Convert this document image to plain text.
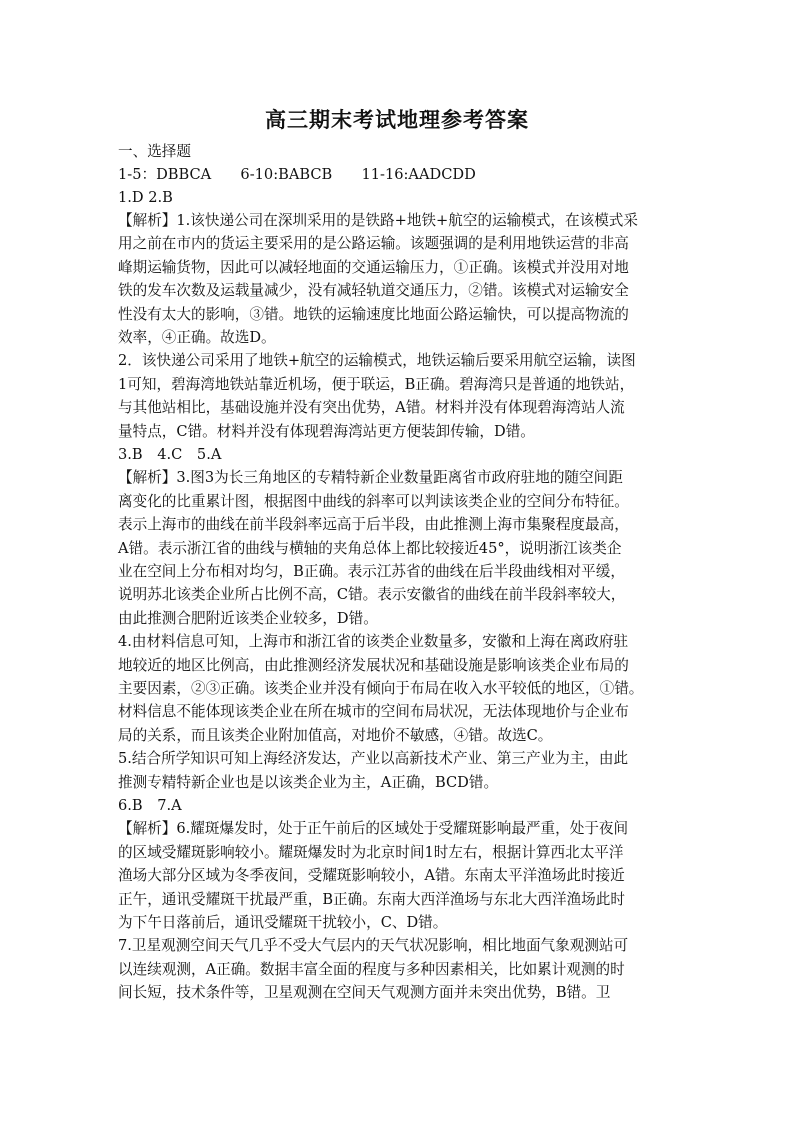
高三期末考试地理参考答案
一、选择题
1-5：DBBCA　　6-10:BABCB　　11-16:AADCDD
1.D 2.B
【解析】1.该快递公司在深圳采用的是铁路+地铁+航空的运输模式，在该模式采
用之前在市内的货运主要采用的是公路运输。该题强调的是利用地铁运营的非高
峰期运输货物，因此可以减轻地面的交通运输压力，①正确。该模式并没用对地
铁的发车次数及运载量减少，没有减轻轨道交通压力，②错。该模式对运输安全
性没有太大的影响，③错。地铁的运输速度比地面公路运输快，可以提高物流的
效率，④正确。故选D。
2．该快递公司采用了地铁+航空的运输模式，地铁运输后要采用航空运输，读图
1可知，碧海湾地铁站靠近机场，便于联运，B正确。碧海湾只是普通的地铁站，
与其他站相比，基础设施并没有突出优势，A错。材料并没有体现碧海湾站人流
量特点，C错。材料并没有体现碧海湾站更方便装卸传输，D错。
3.B　4.C　5.A
【解析】3.图3为长三角地区的专精特新企业数量距离省市政府驻地的随空间距
离变化的比重累计图，根据图中曲线的斜率可以判读该类企业的空间分布特征。
表示上海市的曲线在前半段斜率远高于后半段，由此推测上海市集聚程度最高，
A错。表示浙江省的曲线与横轴的夹角总体上都比较接近45°，说明浙江该类企
业在空间上分布相对均匀，B正确。表示江苏省的曲线在后半段曲线相对平缓，
说明苏北该类企业所占比例不高，C错。表示安徽省的曲线在前半段斜率较大，
由此推测合肥附近该类企业较多，D错。
4.由材料信息可知，上海市和浙江省的该类企业数量多，安徽和上海在离政府驻
地较近的地区比例高，由此推测经济发展状况和基础设施是影响该类企业布局的
主要因素，②③正确。该类企业并没有倾向于布局在收入水平较低的地区，①错。
材料信息不能体现该类企业在所在城市的空间布局状况，无法体现地价与企业布
局的关系，而且该类企业附加值高，对地价不敏感，④错。故选C。
5.结合所学知识可知上海经济发达，产业以高新技术产业、第三产业为主，由此
推测专精特新企业也是以该类企业为主，A正确，BCD错。
6.B　7.A
【解析】6.耀斑爆发时，处于正午前后的区域处于受耀斑影响最严重，处于夜间
的区域受耀斑影响较小。耀斑爆发时为北京时间1时左右，根据计算西北太平洋
渔场大部分区域为冬季夜间，受耀斑影响较小，A错。东南太平洋渔场此时接近
正午，通讯受耀斑干扰最严重，B正确。东南大西洋渔场与东北大西洋渔场此时
为下午日落前后，通讯受耀斑干扰较小，C、D错。
7.卫星观测空间天气几乎不受大气层内的天气状况影响，相比地面气象观测站可
以连续观测，A正确。数据丰富全面的程度与多种因素相关，比如累计观测的时
间长短，技术条件等，卫星观测在空间天气观测方面并未突出优势，B错。卫
